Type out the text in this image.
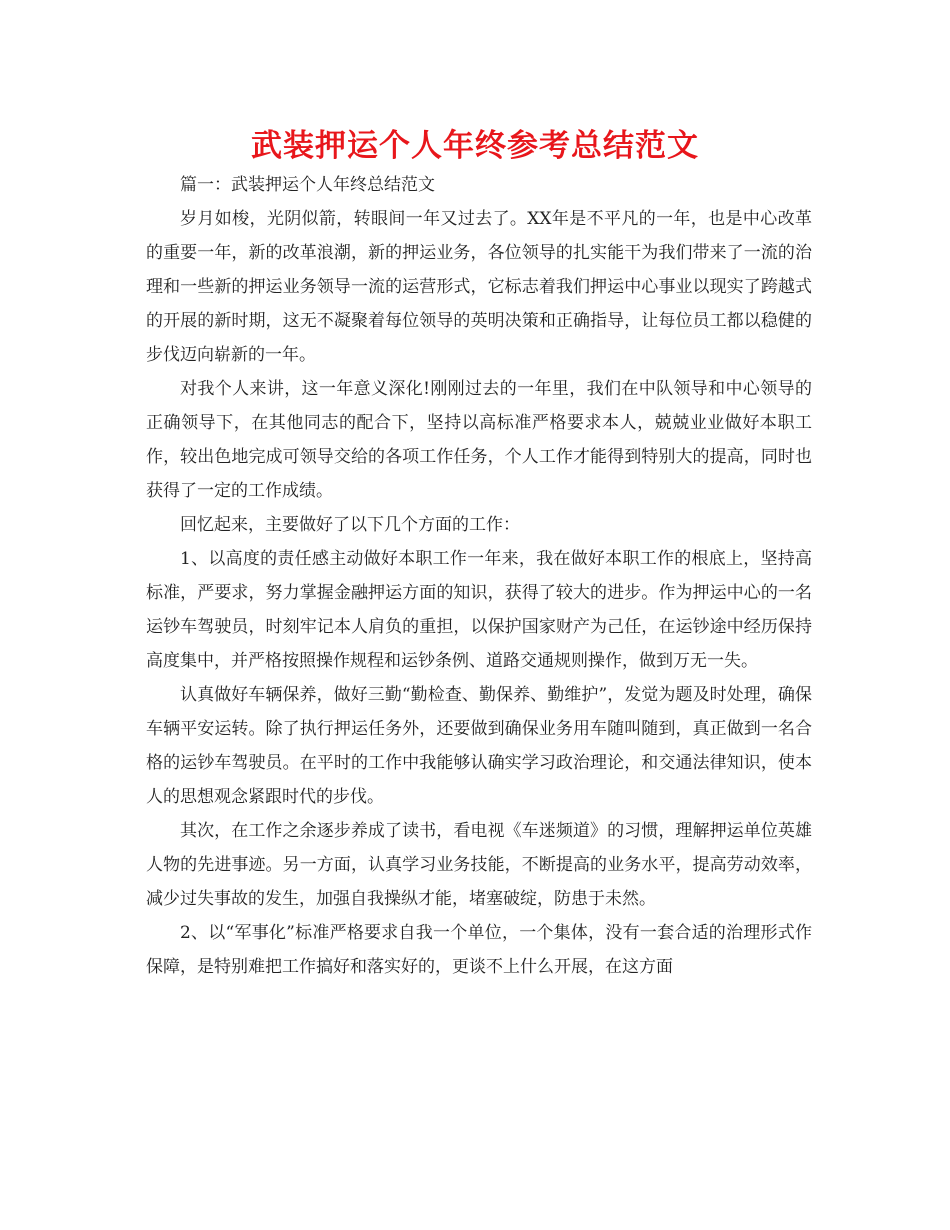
武装押运个人年终参考总结范文

篇一：武装押运个人年终总结范文

岁月如梭，光阴似箭，转眼间一年又过去了。XX年是不平凡的一年，也是中心改革的重要一年，新的改革浪潮，新的押运业务，各位领导的扎实能干为我们带来了一流的治理和一些新的押运业务领导一流的运营形式，它标志着我们押运中心事业以现实了跨越式的开展的新时期，这无不凝聚着每位领导的英明决策和正确指导，让每位员工都以稳健的步伐迈向崭新的一年。

对我个人来讲，这一年意义深化!刚刚过去的一年里，我们在中队领导和中心领导的正确领导下，在其他同志的配合下，坚持以高标准严格要求本人，兢兢业业做好本职工作，较出色地完成可领导交给的各项工作任务，个人工作才能得到特别大的提高，同时也获得了一定的工作成绩。

回忆起来，主要做好了以下几个方面的工作：

1、以高度的责任感主动做好本职工作一年来，我在做好本职工作的根底上，坚持高标准，严要求，努力掌握金融押运方面的知识，获得了较大的进步。作为押运中心的一名运钞车驾驶员，时刻牢记本人肩负的重担，以保护国家财产为己任，在运钞途中经历保持高度集中，并严格按照操作规程和运钞条例、道路交通规则操作，做到万无一失。

认真做好车辆保养，做好三勤“勤检查、勤保养、勤维护”，发觉为题及时处理，确保车辆平安运转。除了执行押运任务外，还要做到确保业务用车随叫随到，真正做到一名合格的运钞车驾驶员。在平时的工作中我能够认确实学习政治理论，和交通法律知识，使本人的思想观念紧跟时代的步伐。

其次，在工作之余逐步养成了读书，看电视《车迷频道》的习惯，理解押运单位英雄人物的先进事迹。另一方面，认真学习业务技能，不断提高的业务水平，提高劳动效率，减少过失事故的发生，加强自我操纵才能，堵塞破绽，防患于未然。

2、以“军事化”标准严格要求自我一个单位，一个集体，没有一套合适的治理形式作保障，是特别难把工作搞好和落实好的，更谈不上什么开展，在这方面
